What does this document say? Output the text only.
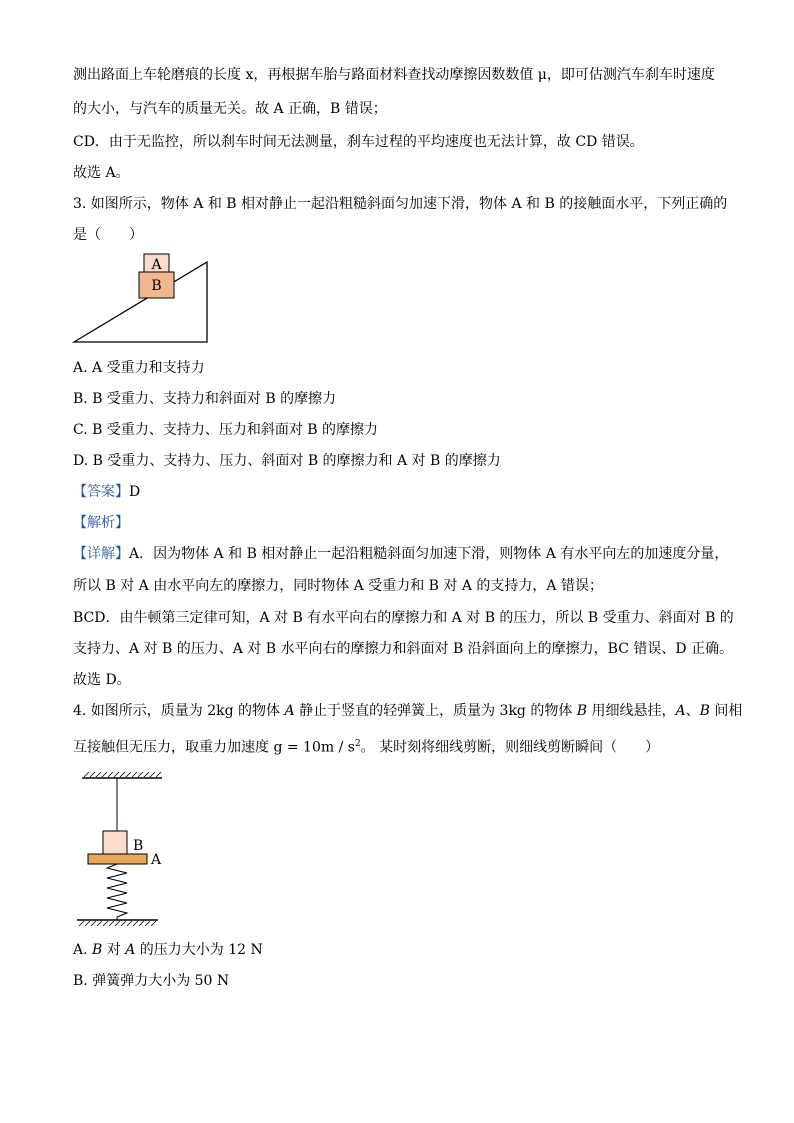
测出路面上车轮磨痕的长度 x，再根据车胎与路面材料查找动摩擦因数数值 μ，即可估测汽车刹车时速度
的大小，与汽车的质量无关。故 A 正确，B 错误；
CD．由于无监控，所以刹车时间无法测量，刹车过程的平均速度也无法计算，故 CD 错误。
故选 A。
3. 如图所示，物体 A 和 B 相对静止一起沿粗糙斜面匀加速下滑，物体 A 和 B 的接触面水平，下列正确的
是（　　）
A
B
A. A 受重力和支持力
B. B 受重力、支持力和斜面对 B 的摩擦力
C. B 受重力、支持力、压力和斜面对 B 的摩擦力
D. B 受重力、支持力、压力、斜面对 B 的摩擦力和 A 对 B 的摩擦力
【答案】D
【解析】
【详解】A．因为物体 A 和 B 相对静止一起沿粗糙斜面匀加速下滑，则物体 A 有水平向左的加速度分量，
所以 B 对 A 由水平向左的摩擦力，同时物体 A 受重力和 B 对 A 的支持力，A 错误；
BCD．由牛顿第三定律可知，A 对 B 有水平向右的摩擦力和 A 对 B 的压力，所以 B 受重力、斜面对 B 的
支持力、A 对 B 的压力、A 对 B 水平向右的摩擦力和斜面对 B 沿斜面向上的摩擦力，BC 错误、D 正确。
故选 D。
4. 如图所示，质量为 2kg 的物体 A 静止于竖直的轻弹簧上，质量为 3kg 的物体 B 用细线悬挂，A、B 间相
互接触但无压力，取重力加速度 $g = 10m / s^2$。 某时刻将细线剪断，则细线剪断瞬间（　　）
B
A
A. B 对 A 的压力大小为 12 N
B. 弹簧弹力大小为 50 N
